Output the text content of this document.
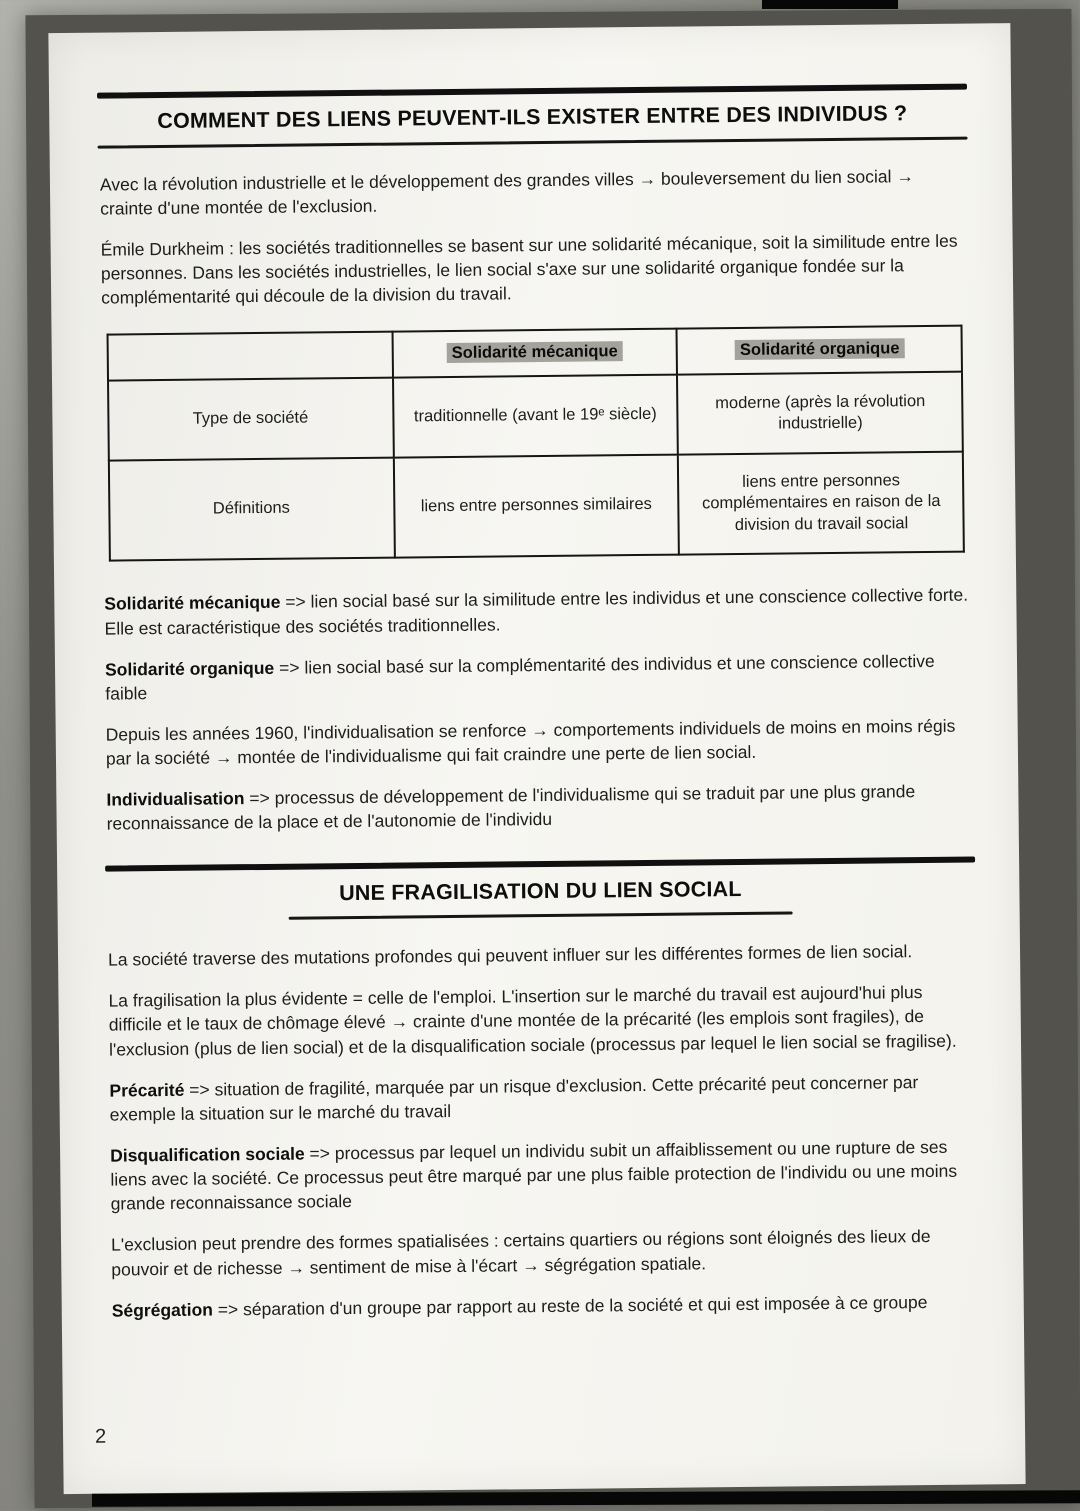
COMMENT DES LIENS PEUVENT-ILS EXISTER ENTRE DES INDIVIDUS ?

Avec la révolution industrielle et le développement des grandes villes → bouleversement du lien social → crainte d'une montée de l'exclusion.

Émile Durkheim : les sociétés traditionnelles se basent sur une solidarité mécanique, soit la similitude entre les personnes. Dans les sociétés industrielles, le lien social s'axe sur une solidarité organique fondée sur la complémentarité qui découle de la division du travail.

	Solidarité mécanique	Solidarité organique
Type de société	traditionnelle (avant le 19ᵉ siècle)	moderne (après la révolution industrielle)
Définitions	liens entre personnes similaires	liens entre personnes complémentaires en raison de la division du travail social

Solidarité mécanique => lien social basé sur la similitude entre les individus et une conscience collective forte. Elle est caractéristique des sociétés traditionnelles.

Solidarité organique => lien social basé sur la complémentarité des individus et une conscience collective faible

Depuis les années 1960, l'individualisation se renforce → comportements individuels de moins en moins régis par la société → montée de l'individualisme qui fait craindre une perte de lien social.

Individualisation => processus de développement de l'individualisme qui se traduit par une plus grande reconnaissance de la place et de l'autonomie de l'individu

UNE FRAGILISATION DU LIEN SOCIAL

La société traverse des mutations profondes qui peuvent influer sur les différentes formes de lien social.

La fragilisation la plus évidente = celle de l'emploi. L'insertion sur le marché du travail est aujourd'hui plus difficile et le taux de chômage élevé → crainte d'une montée de la précarité (les emplois sont fragiles), de l'exclusion (plus de lien social) et de la disqualification sociale (processus par lequel le lien social se fragilise).

Précarité => situation de fragilité, marquée par un risque d'exclusion. Cette précarité peut concerner par exemple la situation sur le marché du travail

Disqualification sociale => processus par lequel un individu subit un affaiblissement ou une rupture de ses liens avec la société. Ce processus peut être marqué par une plus faible protection de l'individu ou une moins grande reconnaissance sociale

L'exclusion peut prendre des formes spatialisées : certains quartiers ou régions sont éloignés des lieux de pouvoir et de richesse → sentiment de mise à l'écart → ségrégation spatiale.

Ségrégation => séparation d'un groupe par rapport au reste de la société et qui est imposée à ce groupe

2
